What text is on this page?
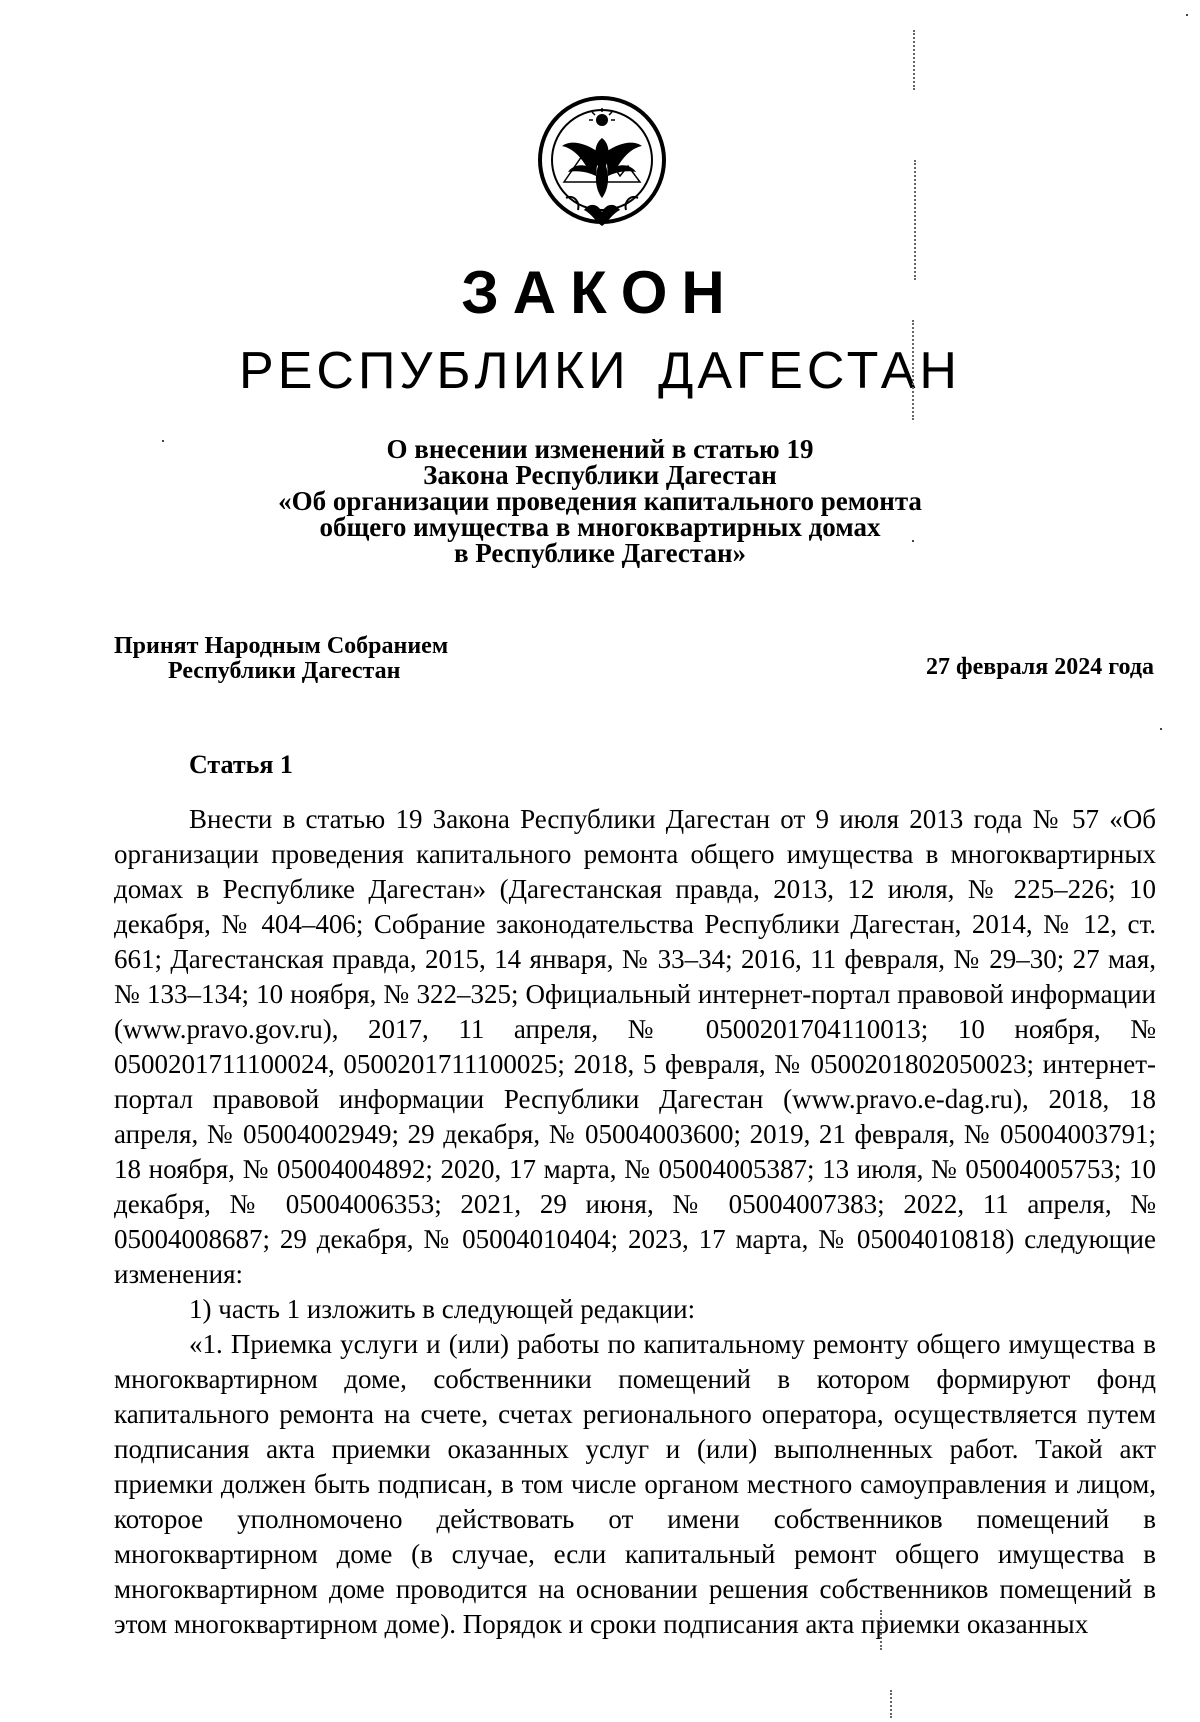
ЗАКОН
РЕСПУБЛИКИ ДАГЕСТАН
О внесении изменений в статью 19
Закона Республики Дагестан
«Об организации проведения капитального ремонта
общего имущества в многоквартирных домах
в Республике Дагестан»
Принят Народным Собранием
Республики Дагестан	27 февраля 2024 года
Статья 1

Внести в статью 19 Закона Республики Дагестан от 9 июля 2013 года № 57 «Об организации проведения капитального ремонта общего имущества в многоквартирных домах в Республике Дагестан» (Дагестанская правда, 2013, 12 июля, № 225–226; 10 декабря, № 404–406; Собрание законодательства Республики Дагестан, 2014, № 12, ст. 661; Дагестанская правда, 2015, 14 января, № 33–34; 2016, 11 февраля, № 29–30; 27 мая, № 133–134; 10 ноября, № 322–325; Официальный интернет-портал правовой информации (www.pravo.gov.ru), 2017, 11 апреля, № 0500201704110013; 10 ноября, № 0500201711100024, 0500201711100025; 2018, 5 февраля, № 0500201802050023; интернет-портал правовой информации Республики Дагестан (www.pravo.e-dag.ru), 2018, 18 апреля, № 05004002949; 29 декабря, № 05004003600; 2019, 21 февраля, № 05004003791; 18 ноября, № 05004004892; 2020, 17 марта, № 05004005387; 13 июля, № 05004005753; 10 декабря, № 05004006353; 2021, 29 июня, № 05004007383; 2022, 11 апреля, № 05004008687; 29 декабря, № 05004010404; 2023, 17 марта, № 05004010818) следующие изменения:

1) часть 1 изложить в следующей редакции:

«1. Приемка услуги и (или) работы по капитальному ремонту общего имущества в многоквартирном доме, собственники помещений в котором формируют фонд капитального ремонта на счете, счетах регионального оператора, осуществляется путем подписания акта приемки оказанных услуг и (или) выполненных работ. Такой акт приемки должен быть подписан, в том числе органом местного самоуправления и лицом, которое уполномочено действовать от имени собственников помещений в многоквартирном доме (в случае, если капитальный ремонт общего имущества в многоквартирном доме проводится на основании решения собственников помещений в этом многоквартирном доме). Порядок и сроки подписания акта приемки оказанных
